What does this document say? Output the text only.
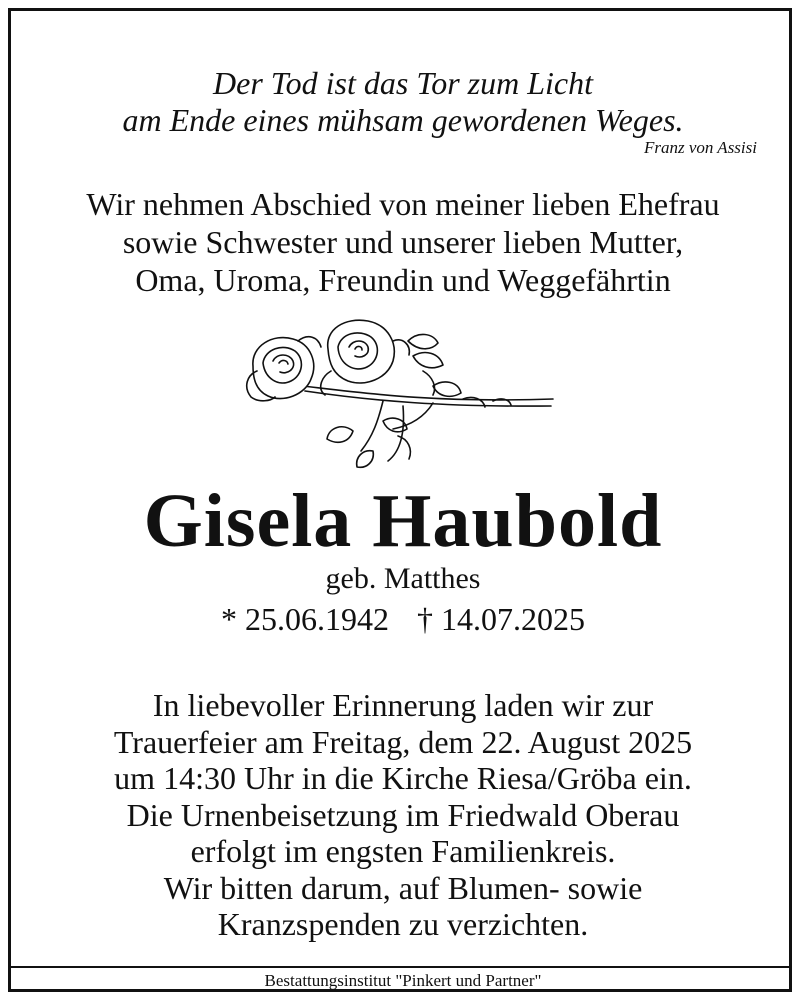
Der Tod ist das Tor zum Licht
am Ende eines mühsam gewordenen Weges.
Franz von Assisi
Wir nehmen Abschied von meiner lieben Ehefrau
sowie Schwester und unserer lieben Mutter,
Oma, Uroma, Freundin und Weggefährtin
Gisela Haubold
geb. Matthes
* 25.06.1942 † 14.07.2025
In liebevoller Erinnerung laden wir zur
Trauerfeier am Freitag, dem 22. August 2025
um 14:30 Uhr in die Kirche Riesa/Gröba ein.
Die Urnenbeisetzung im Friedwald Oberau
erfolgt im engsten Familienkreis.
Wir bitten darum, auf Blumen- sowie
Kranzspenden zu verzichten.
Bestattungsinstitut "Pinkert und Partner"
